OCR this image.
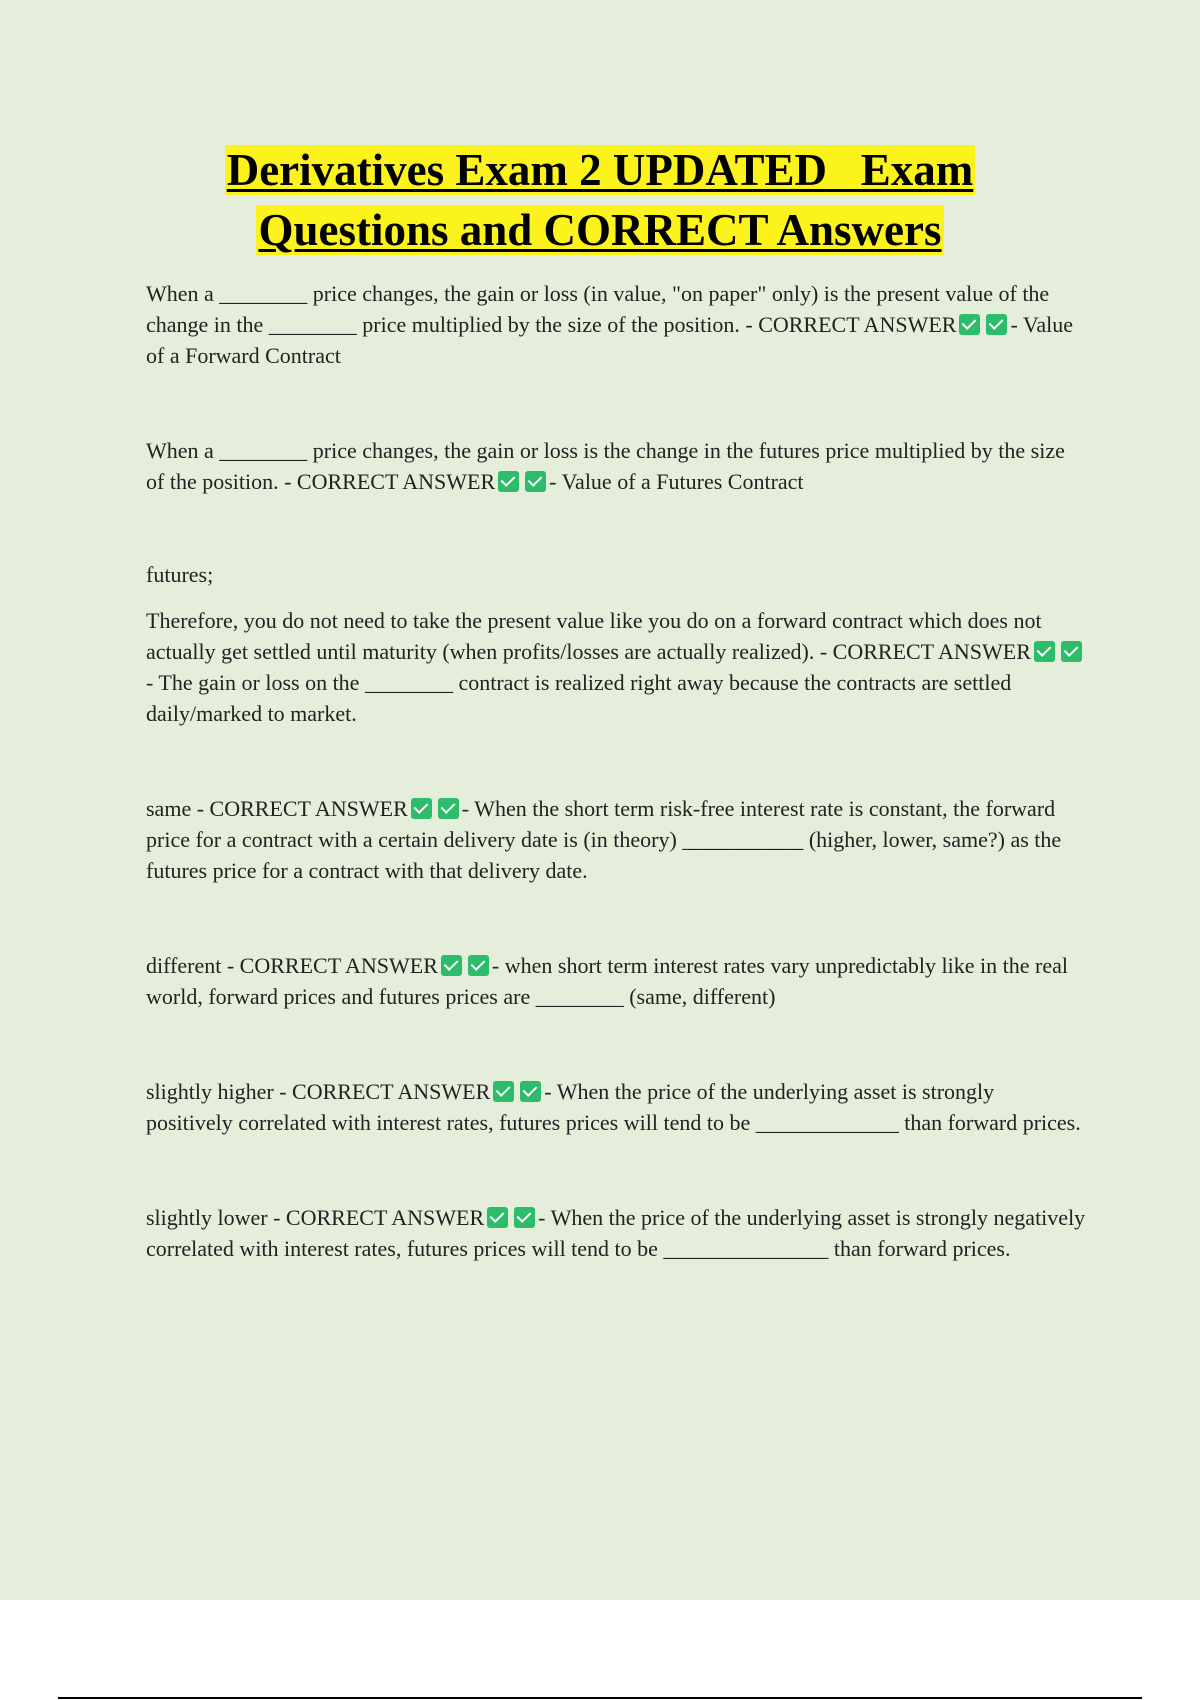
Derivatives Exam 2 UPDATED   Exam
Questions and CORRECT Answers

When a ________ price changes, the gain or loss (in value, "on paper" only) is the present value of the change in the ________ price multiplied by the size of the position. - CORRECT ANSWER - Value of a Forward Contract

When a ________ price changes, the gain or loss is the change in the futures price multiplied by the size of the position. - CORRECT ANSWER - Value of a Futures Contract

futures;

Therefore, you do not need to take the present value like you do on a forward contract which does not actually get settled until maturity (when profits/losses are actually realized). - CORRECT ANSWER- The gain or loss on the ________ contract is realized right away because the contracts are settled daily/marked to market.

same - CORRECT ANSWER - When the short term risk-free interest rate is constant, the forward price for a contract with a certain delivery date is (in theory) ___________ (higher, lower, same?) as the futures price for a contract with that delivery date.

different - CORRECT ANSWER - when short term interest rates vary unpredictably like in the real world, forward prices and futures prices are ________ (same, different)

slightly higher - CORRECT ANSWER - When the price of the underlying asset is strongly positively correlated with interest rates, futures prices will tend to be _____________ than forward prices.

slightly lower - CORRECT ANSWER - When the price of the underlying asset is strongly negatively correlated with interest rates, futures prices will tend to be _______________ than forward prices.
